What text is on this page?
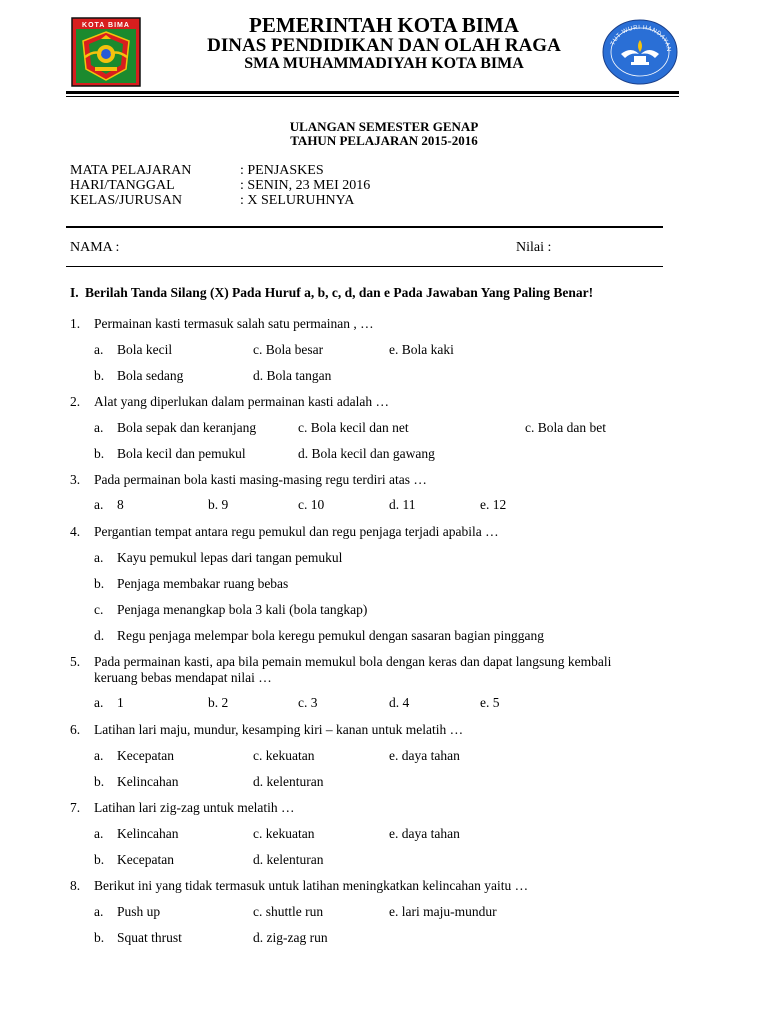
KOTA BIMA
TUT WURI HANDAYAN
PEMERINTAH KOTA BIMA
DINAS PENDIDIKAN DAN OLAH RAGA
SMA MUHAMMADIYAH KOTA BIMA
ULANGAN SEMESTER GENAP
TAHUN PELAJARAN 2015-2016
MATA PELAJARAN	: PENJASKES
HARI/TANGGAL	: SENIN, 23 MEI 2016
KELAS/JURUSAN	: X SELURUHNYA
NAMA :	Nilai :
I. Berilah Tanda Silang (X) Pada Huruf a, b, c, d, dan e Pada Jawaban Yang Paling Benar!
1. Permainan kasti termasuk salah satu permainan , …
a. Bola kecil	c. Bola besar	e. Bola kaki
b. Bola sedang	d. Bola tangan
2. Alat yang diperlukan dalam permainan kasti adalah …
a. Bola sepak dan keranjang	c. Bola kecil dan net	c. Bola dan bet
b. Bola kecil dan pemukul	d. Bola kecil dan gawang
3. Pada permainan bola kasti masing-masing regu terdiri atas …
a. 8	b. 9	c. 10	d. 11	e. 12
4. Pergantian tempat antara regu pemukul dan regu penjaga terjadi apabila …
a. Kayu pemukul lepas dari tangan pemukul
b. Penjaga membakar ruang bebas
c. Penjaga menangkap bola 3 kali (bola tangkap)
d. Regu penjaga melempar bola keregu pemukul dengan sasaran bagian pinggang
5. Pada permainan kasti, apa bila pemain memukul bola dengan keras dan dapat langsung kembali
keruang bebas mendapat nilai …
a. 1	b. 2	c. 3	d. 4	e. 5
6. Latihan lari maju, mundur, kesamping kiri – kanan untuk melatih …
a. Kecepatan	c. kekuatan	e. daya tahan
b. Kelincahan	d. kelenturan
7. Latihan lari zig-zag untuk melatih …
a. Kelincahan	c. kekuatan	e. daya tahan
b. Kecepatan	d. kelenturan
8. Berikut ini yang tidak termasuk untuk latihan meningkatkan kelincahan yaitu …
a. Push up	c. shuttle run	e. lari maju-mundur
b. Squat thrust	d. zig-zag run
